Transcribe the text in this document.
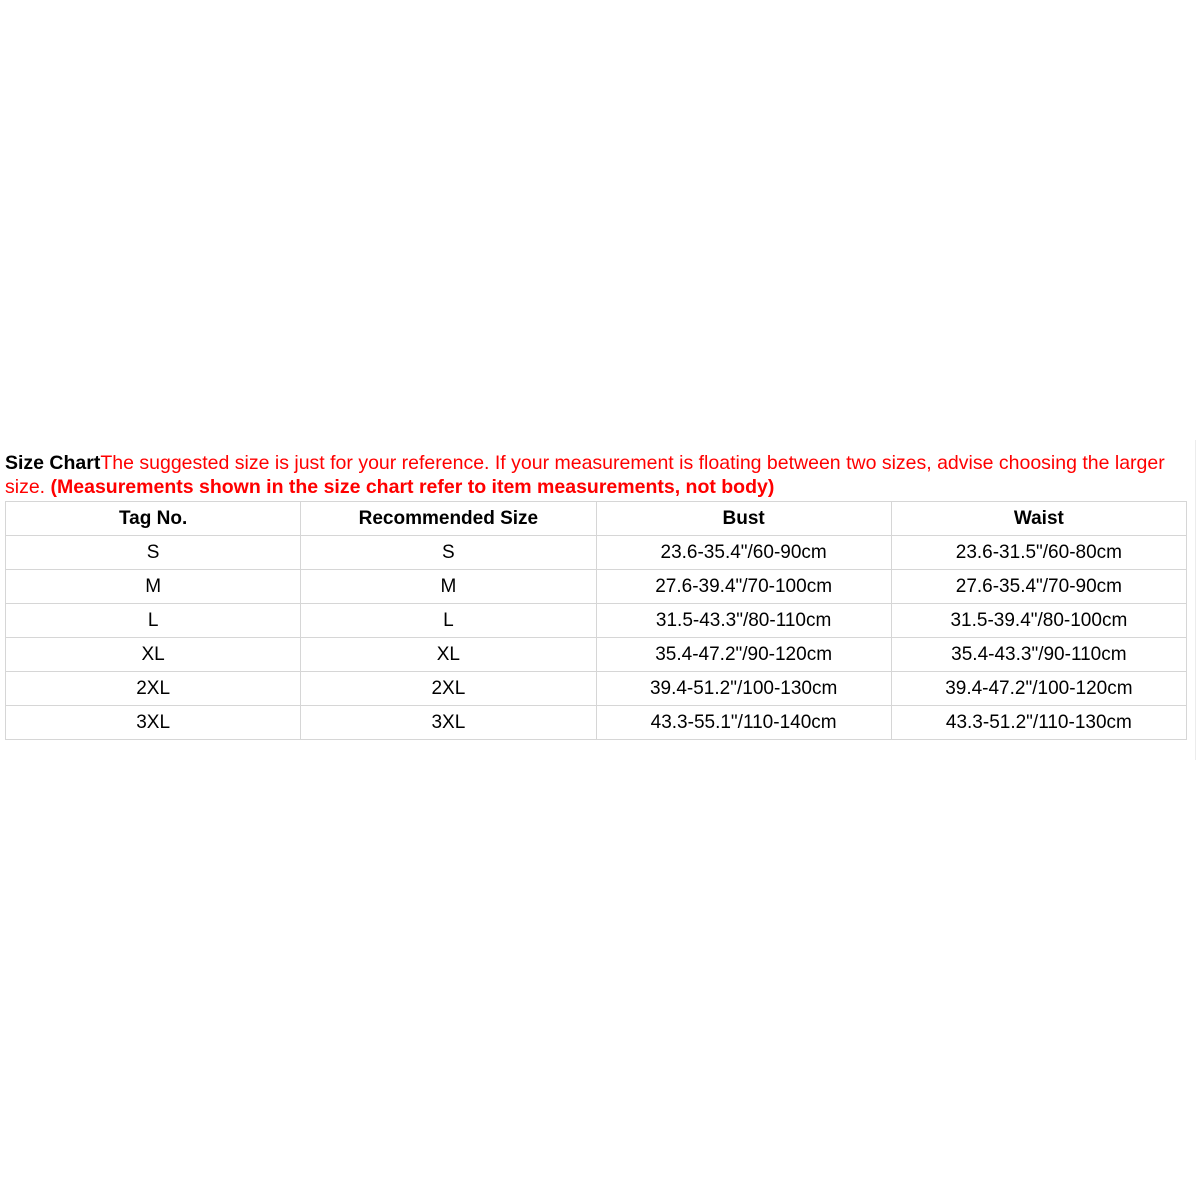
Size ChartThe suggested size is just for your reference. If your measurement is floating between two sizes, advise choosing the larger size. (Measurements shown in the size chart refer to item measurements, not body)

Tag No.	Recommended Size	Bust	Waist
S	S	23.6-35.4"/60-90cm	23.6-31.5"/60-80cm
M	M	27.6-39.4"/70-100cm	27.6-35.4"/70-90cm
L	L	31.5-43.3"/80-110cm	31.5-39.4"/80-100cm
XL	XL	35.4-47.2"/90-120cm	35.4-43.3"/90-110cm
2XL	2XL	39.4-51.2"/100-130cm	39.4-47.2"/100-120cm
3XL	3XL	43.3-55.1"/110-140cm	43.3-51.2"/110-130cm
